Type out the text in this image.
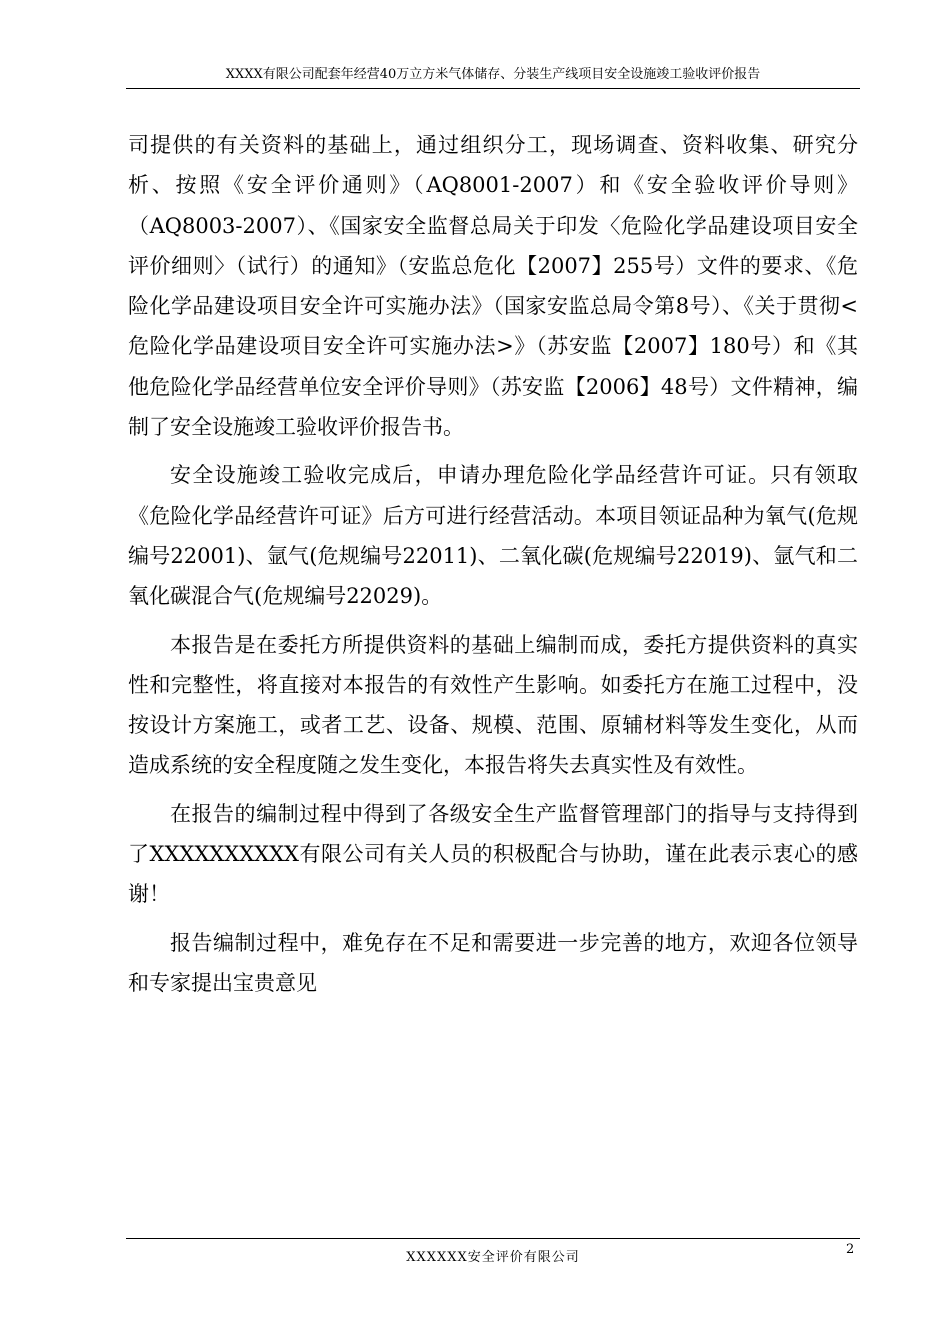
XXXX有限公司配套年经营40万立方米气体储存、分装生产线项目安全设施竣工验收评价报告

司提供的有关资料的基础上，通过组织分工，现场调查、资料收集、研究分析、按照《安全评价通则》（AQ8001-2007）和《安全验收评价导则》（AQ8003-2007）、《国家安全监督总局关于印发〈危险化学品建设项目安全评价细则〉（试行）的通知》（安监总危化【2007】255号）文件的要求、《危险化学品建设项目安全许可实施办法》（国家安监总局令第8号）、《关于贯彻<危险化学品建设项目安全许可实施办法>》（苏安监【2007】180号）和《其他危险化学品经营单位安全评价导则》（苏安监【2006】48号）文件精神，编制了安全设施竣工验收评价报告书。

安全设施竣工验收完成后，申请办理危险化学品经营许可证。只有领取《危险化学品经营许可证》后方可进行经营活动。本项目领证品种为氧气(危规编号22001)、氩气(危规编号22011)、二氧化碳(危规编号22019)、氩气和二氧化碳混合气(危规编号22029)。

本报告是在委托方所提供资料的基础上编制而成，委托方提供资料的真实性和完整性，将直接对本报告的有效性产生影响。如委托方在施工过程中，没按设计方案施工，或者工艺、设备、规模、范围、原辅材料等发生变化，从而造成系统的安全程度随之发生变化，本报告将失去真实性及有效性。

在报告的编制过程中得到了各级安全生产监督管理部门的指导与支持得到了XXXXXXXXXX有限公司有关人员的积极配合与协助，谨在此表示衷心的感谢！

报告编制过程中，难免存在不足和需要进一步完善的地方，欢迎各位领导和专家提出宝贵意见

2
XXXXXX安全评价有限公司
